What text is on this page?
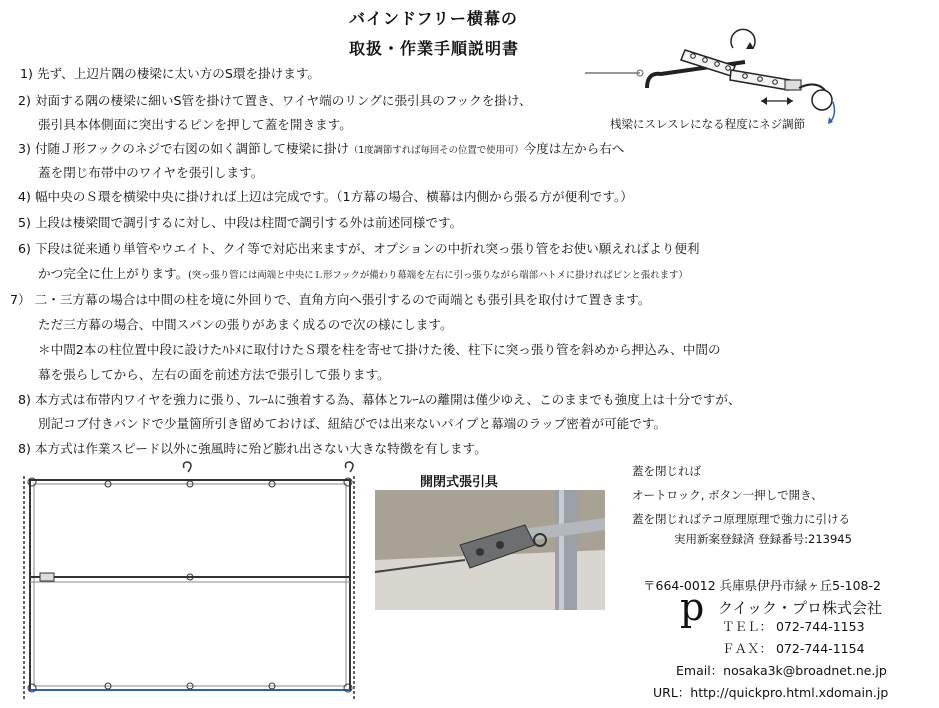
バインドフリー横幕の
取扱・作業手順説明書
桟梁にスレスレになる程度にネジ調節
1) 先ず、上辺片隅の棲梁に太い方のS環を掛けます。
2) 対面する隅の棲梁に細いS管を掛けて置き、ワイヤ端のリングに張引具のフックを掛け、
張引具本体側面に突出するピンを押して蓋を開きます。
3) 付随Ｊ形フックのネジで右図の如く調節して棲梁に掛け（1度調節すれば毎回その位置で使用可）今度は左から右へ
蓋を閉じ布帯中のワイヤを張引します。
4) 幅中央のＳ環を横梁中央に掛ければ上辺は完成です。（1方幕の場合、横幕は内側から張る方が便利です。）
5) 上段は棲梁間で調引するに対し、中段は柱間で調引する外は前述同様です。
6) 下段は従来通り単管やウエイト、クイ等で対応出来ますが、オプションの中折れ突っ張り管をお使い願えればより便利
かつ完全に仕上がります。(突っ張り管には両端と中央にＬ形フックが備わり幕端を左右に引っ張りながら端部ハトメに掛ければピンと張れます）
7） 二・三方幕の場合は中間の柱を境に外回りで、直角方向へ張引するので両端とも張引具を取付けて置きます。
ただ三方幕の場合、中間スパンの張りがあまく成るので次の様にします。
＊中間2本の柱位置中段に設けたﾊﾄﾒに取付けたＳ環を柱を寄せて掛けた後、柱下に突っ張り管を斜めから押込み、中間の
幕を張らしてから、左右の面を前述方法で張引して張ります。
8) 本方式は布帯内ワイヤを強力に張り、ﾌﾚｰﾑに強着する為、幕体とﾌﾚｰﾑの離開は僅少ゆえ、このままでも強度上は十分ですが、
別記コブ付きバンドで少量箇所引き留めておけば、紐結びでは出来ないパイプと幕端のラップ密着が可能です。
8) 本方式は作業スピード以外に強風時に殆ど膨れ出さない大きな特徴を有します。
開閉式張引具
蓋を閉じれば
オートロック, ボタン一押しで開き、
蓋を閉じればテコ原理原理で強力に引ける
実用新案登録済 登録番号:213945
〒664-0012 兵庫県伊丹市緑ヶ丘5-108-2
p クイック・プロ株式会社
ＴＥＬ： 072-744-1153
ＦＡＸ： 072-744-1154
Email：nosaka3k@broadnet.ne.jp
URL：http://quickpro.html.xdomain.jp
